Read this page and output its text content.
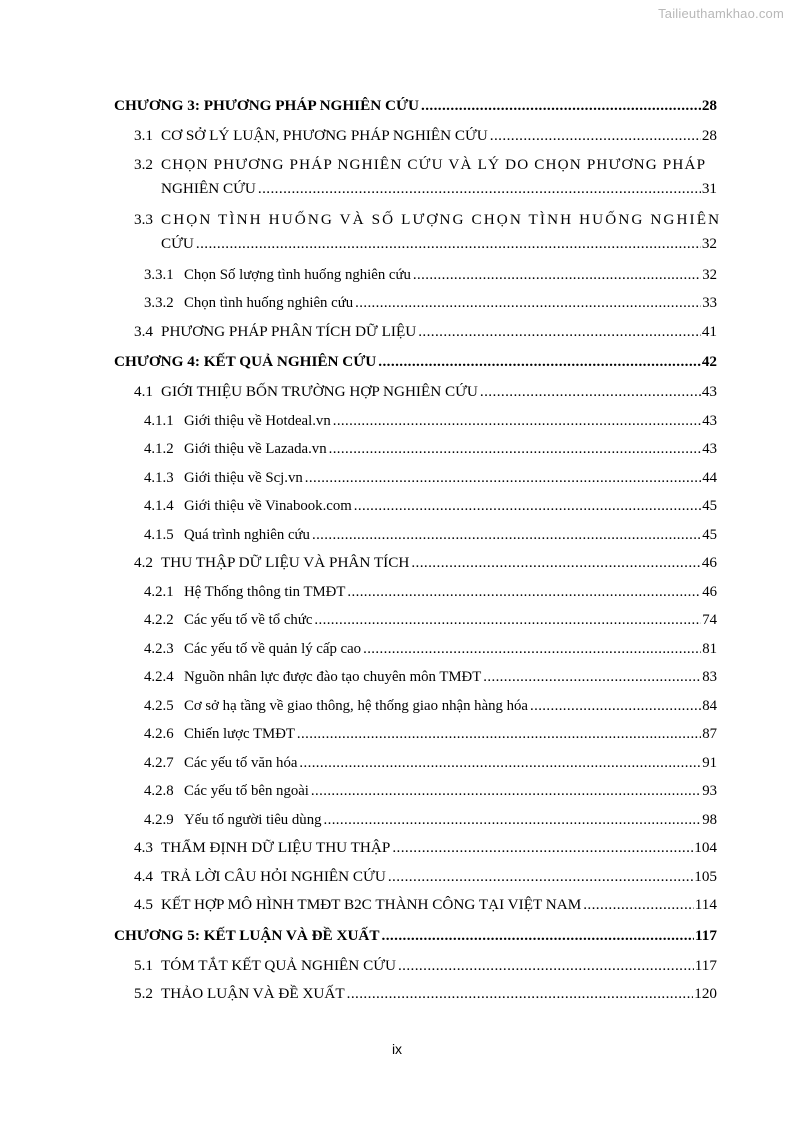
Tailieuthamkhao.com
CHƯƠNG 3: PHƯƠNG PHÁP NGHIÊN CỨU .....	28
3.1 CƠ SỞ LÝ LUẬN, PHƯƠNG PHÁP NGHIÊN CỨU .....	28
3.2 CHỌN PHƯƠNG PHÁP NGHIÊN CỨU VÀ LÝ DO CHỌN PHƯƠNG PHÁP
NGHIÊN CỨU .....	31
3.3 CHỌN TÌNH HUỐNG VÀ SỐ LƯỢNG CHỌN TÌNH HUỐNG NGHIÊN
CỨU .....	32
3.3.1 Chọn Số lượng tình huống nghiên cứu .....	32
3.3.2 Chọn tình huống nghiên cứu .....	33
3.4 PHƯƠNG PHÁP PHÂN TÍCH DỮ LIỆU .....	41
CHƯƠNG 4: KẾT QUẢ NGHIÊN CỨU .....	42
4.1 GIỚI THIỆU BỐN TRƯỜNG HỢP NGHIÊN CỨU .....	43
4.1.1 Giới thiệu về Hotdeal.vn .....	43
4.1.2 Giới thiệu về Lazada.vn .....	43
4.1.3 Giới thiệu về Scj.vn .....	44
4.1.4 Giới thiệu về Vinabook.com .....	45
4.1.5 Quá trình nghiên cứu .....	45
4.2 THU THẬP DỮ LIỆU VÀ PHÂN TÍCH .....	46
4.2.1 Hệ Thống thông tin TMĐT .....	46
4.2.2 Các yếu tố về tổ chức .....	74
4.2.3 Các yếu tố về quản lý cấp cao .....	81
4.2.4 Nguồn nhân lực được đào tạo chuyên môn TMĐT .....	83
4.2.5 Cơ sở hạ tầng về giao thông, hệ thống giao nhận hàng hóa .....	84
4.2.6 Chiến lược TMĐT .....	87
4.2.7 Các yếu tố văn hóa .....	91
4.2.8 Các yếu tố bên ngoài .....	93
4.2.9 Yếu tố người tiêu dùng .....	98
4.3 THẨM ĐỊNH DỮ LIỆU THU THẬP .....	104
4.4 TRẢ LỜI CÂU HỎI NGHIÊN CỨU .....	105
4.5 KẾT HỢP MÔ HÌNH TMĐT B2C THÀNH CÔNG TẠI VIỆT NAM .....	114
CHƯƠNG 5: KẾT LUẬN VÀ ĐỀ XUẤT .....	117
5.1 TÓM TẮT KẾT QUẢ NGHIÊN CỨU .....	117
5.2 THẢO LUẬN VÀ ĐỀ XUẤT .....	120
ix
